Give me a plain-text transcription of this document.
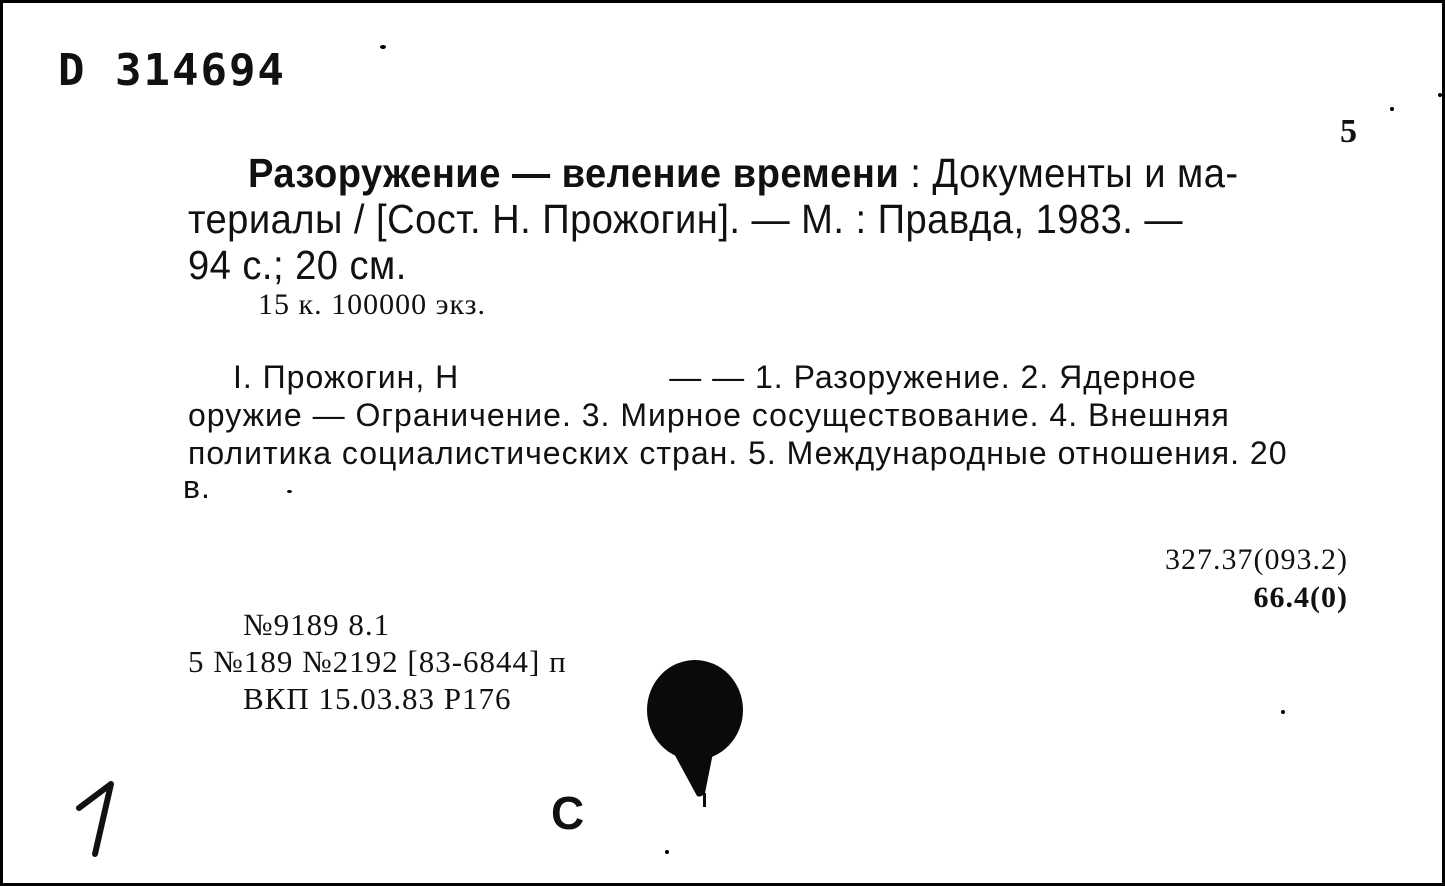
D 314694
5
Разоружение — веление времени : Документы и ма-
териалы / [Сост. Н. Прожогин]. — М. : Правда, 1983. —
94 с.; 20 см.
15 к. 100000 экз.
I. Прожогин, Н	— — 1. Разоружение. 2. Ядерное
оружие — Ограничение. 3. Мирное сосуществование. 4. Внешняя
политика социалистических стран. 5. Международные отношения. 20
в.
327.37(093.2)
66.4(0)
№9189 8.1
5 №189 №2192 [83-6844] п
ВКП 15.03.83 Р176
С
